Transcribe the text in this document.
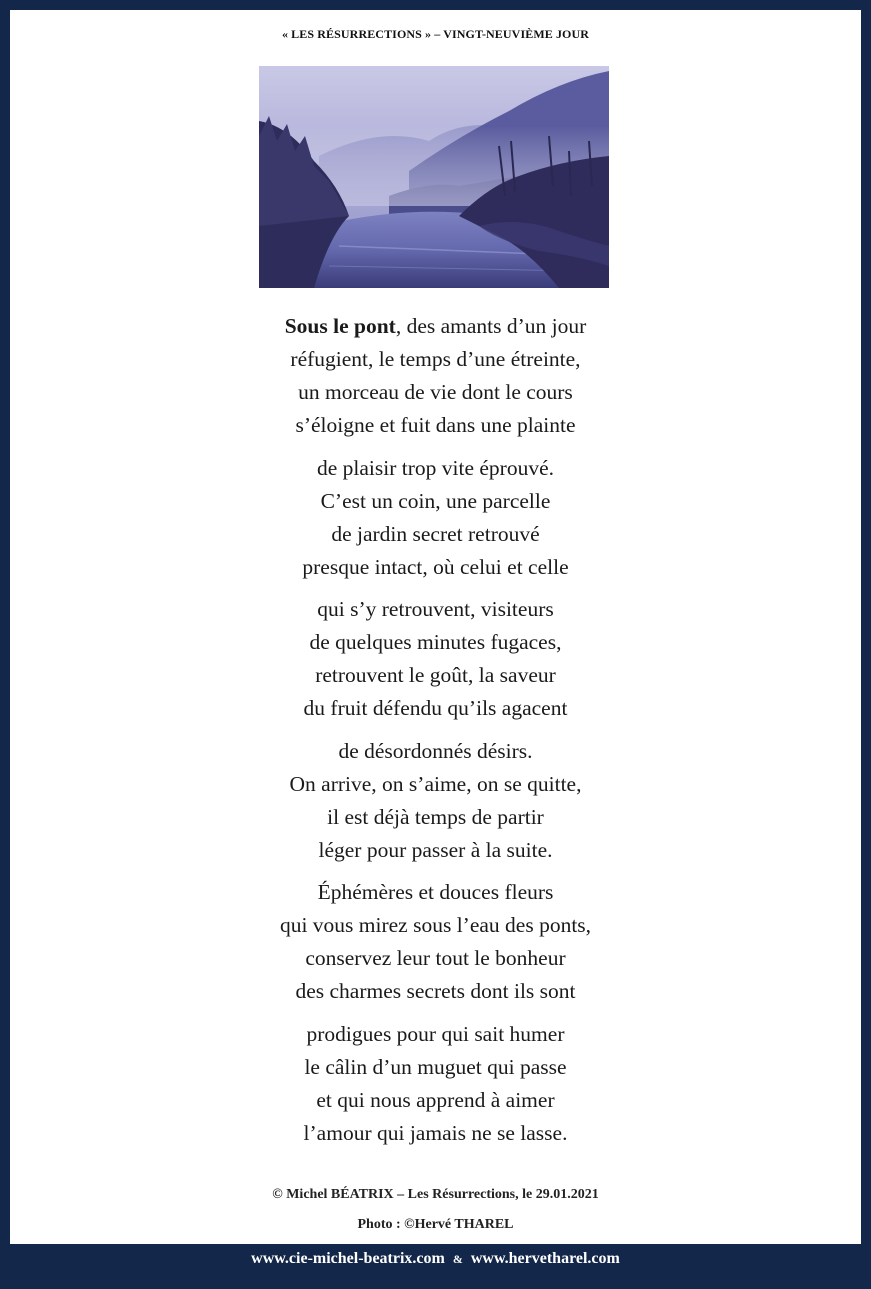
« LES RÉSURRECTIONS » – VINGT-NEUVIÈME JOUR
Sous le pont, des amants d’un jour
réfugient, le temps d’une étreinte,
un morceau de vie dont le cours
s’éloigne et fuit dans une plainte
de plaisir trop vite éprouvé.
C’est un coin, une parcelle
de jardin secret retrouvé
presque intact, où celui et celle
qui s’y retrouvent, visiteurs
de quelques minutes fugaces,
retrouvent le goût, la saveur
du fruit défendu qu’ils agacent
de désordonnés désirs.
On arrive, on s’aime, on se quitte,
il est déjà temps de partir
léger pour passer à la suite.
Éphémères et douces fleurs
qui vous mirez sous l’eau des ponts,
conservez leur tout le bonheur
des charmes secrets dont ils sont
prodigues pour qui sait humer
le câlin d’un muguet qui passe
et qui nous apprend à aimer
l’amour qui jamais ne se lasse.
© Michel BÉATRIX – Les Résurrections, le 29.01.2021
Photo : ©Hervé THAREL
www.cie-michel-beatrix.com & www.hervetharel.com
